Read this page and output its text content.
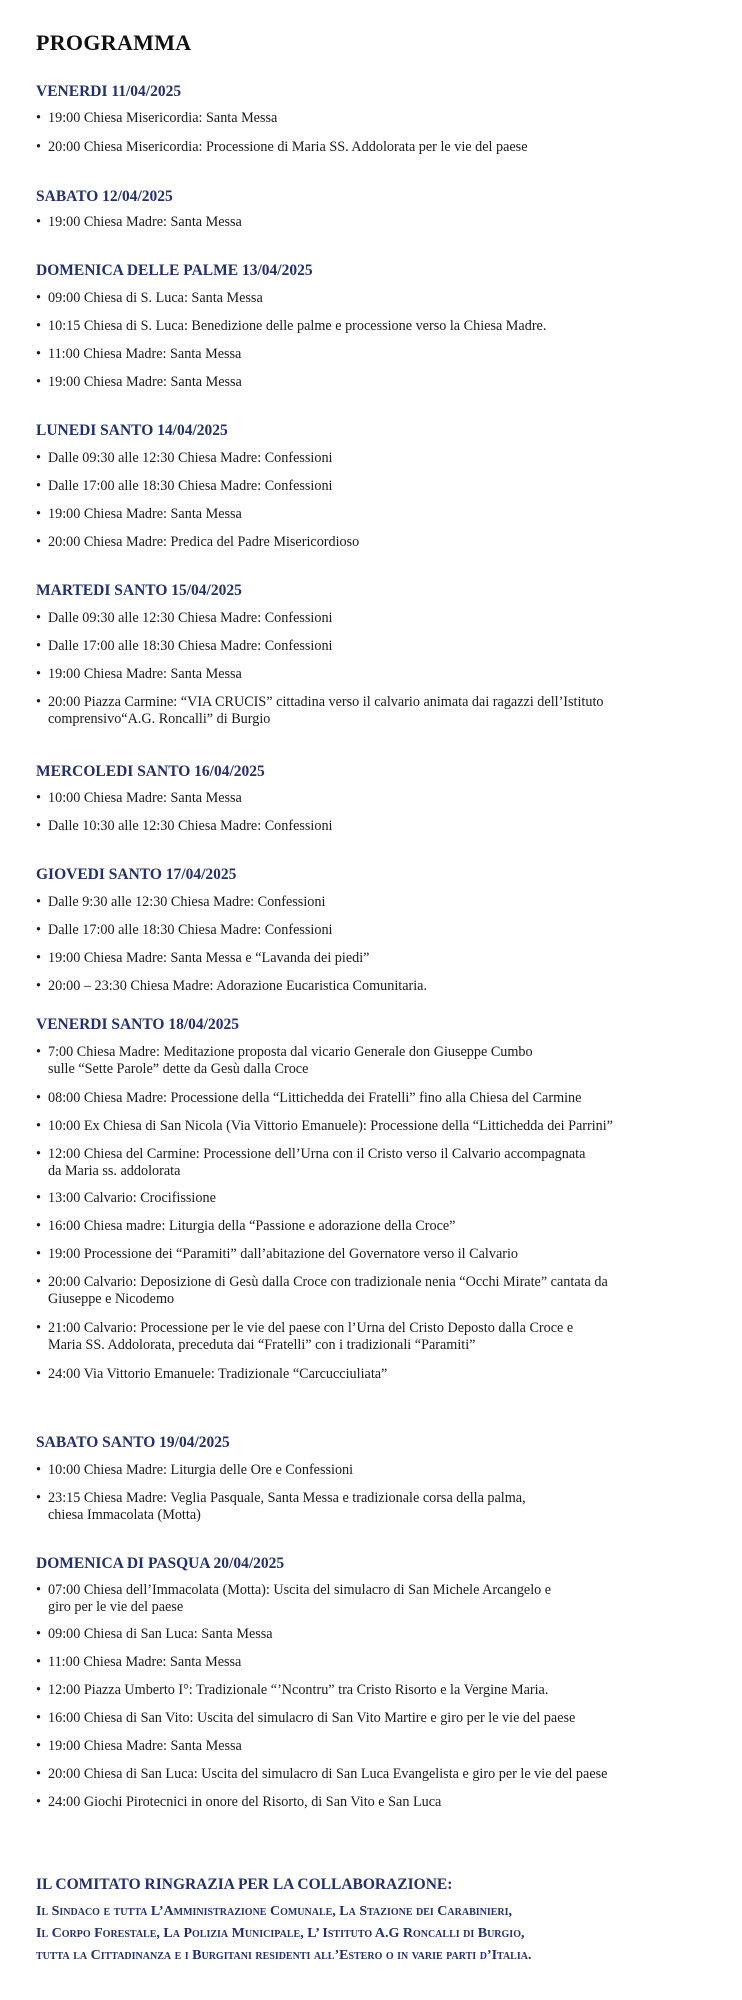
PROGRAMMA
VENERDI 11/04/2025

• 19:00 Chiesa Misericordia: Santa Messa

• 20:00 Chiesa Misericordia: Processione di Maria SS. Addolorata per le vie del paese

SABATO 12/04/2025

• 19:00 Chiesa Madre: Santa Messa

DOMENICA DELLE PALME 13/04/2025

• 09:00 Chiesa di S. Luca: Santa Messa

• 10:15 Chiesa di S. Luca: Benedizione delle palme e processione verso la Chiesa Madre.

• 11:00 Chiesa Madre: Santa Messa

• 19:00 Chiesa Madre: Santa Messa

LUNEDI SANTO 14/04/2025

• Dalle 09:30 alle 12:30 Chiesa Madre: Confessioni

• Dalle 17:00 alle 18:30 Chiesa Madre: Confessioni

• 19:00 Chiesa Madre: Santa Messa

• 20:00 Chiesa Madre: Predica del Padre Misericordioso

MARTEDI SANTO 15/04/2025

• Dalle 09:30 alle 12:30 Chiesa Madre: Confessioni

• Dalle 17:00 alle 18:30 Chiesa Madre: Confessioni

• 19:00 Chiesa Madre: Santa Messa

• 20:00 Piazza Carmine: “VIA CRUCIS” cittadina verso il calvario animata dai ragazzi dell’Istituto
comprensivo“A.G. Roncalli” di Burgio

MERCOLEDI SANTO 16/04/2025

• 10:00 Chiesa Madre: Santa Messa

• Dalle 10:30 alle 12:30 Chiesa Madre: Confessioni

GIOVEDI SANTO 17/04/2025

• Dalle 9:30 alle 12:30 Chiesa Madre: Confessioni

• Dalle 17:00 alle 18:30 Chiesa Madre: Confessioni

• 19:00 Chiesa Madre: Santa Messa e “Lavanda dei piedi”

• 20:00 – 23:30 Chiesa Madre: Adorazione Eucaristica Comunitaria.

VENERDI SANTO 18/04/2025

• 7:00 Chiesa Madre: Meditazione proposta dal vicario Generale don Giuseppe Cumbo
sulle “Sette Parole” dette da Gesù dalla Croce

• 08:00 Chiesa Madre: Processione della “Littichedda dei Fratelli” fino alla Chiesa del Carmine

• 10:00 Ex Chiesa di San Nicola (Via Vittorio Emanuele): Processione della “Littichedda dei Parrini”

• 12:00 Chiesa del Carmine: Processione dell’Urna con il Cristo verso il Calvario accompagnata
da Maria ss. addolorata

• 13:00 Calvario: Crocifissione

• 16:00 Chiesa madre: Liturgia della “Passione e adorazione della Croce”

• 19:00 Processione dei “Paramiti” dall’abitazione del Governatore verso il Calvario

• 20:00 Calvario: Deposizione di Gesù dalla Croce con tradizionale nenia “Occhi Mirate” cantata da
Giuseppe e Nicodemo

• 21:00 Calvario: Processione per le vie del paese con l’Urna del Cristo Deposto dalla Croce e
Maria SS. Addolorata, preceduta dai “Fratelli” con i tradizionali “Paramiti”

• 24:00 Via Vittorio Emanuele: Tradizionale “Carcucciuliata”

SABATO SANTO 19/04/2025

• 10:00 Chiesa Madre: Liturgia delle Ore e Confessioni

• 23:15 Chiesa Madre: Veglia Pasquale, Santa Messa e tradizionale corsa della palma,
chiesa Immacolata (Motta)

DOMENICA DI PASQUA 20/04/2025

• 07:00 Chiesa dell’Immacolata (Motta): Uscita del simulacro di San Michele Arcangelo e
giro per le vie del paese

• 09:00 Chiesa di San Luca: Santa Messa

• 11:00 Chiesa Madre: Santa Messa

• 12:00 Piazza Umberto I°: Tradizionale “’Ncontru” tra Cristo Risorto e la Vergine Maria.

• 16:00 Chiesa di San Vito: Uscita del simulacro di San Vito Martire e giro per le vie del paese

• 19:00 Chiesa Madre: Santa Messa

• 20:00 Chiesa di San Luca: Uscita del simulacro di San Luca Evangelista e giro per le vie del paese

• 24:00 Giochi Pirotecnici in onore del Risorto, di San Vito e San Luca

IL COMITATO RINGRAZIA PER LA COLLABORAZIONE:

Il Sindaco e tutta L’Amministrazione Comunale, La Stazione dei Carabinieri,

Il Corpo Forestale, La Polizia Municipale, L’ Istituto A.G Roncalli di Burgio,

tutta la Cittadinanza e i Burgitani residenti all’Estero o in varie parti d’Italia.
